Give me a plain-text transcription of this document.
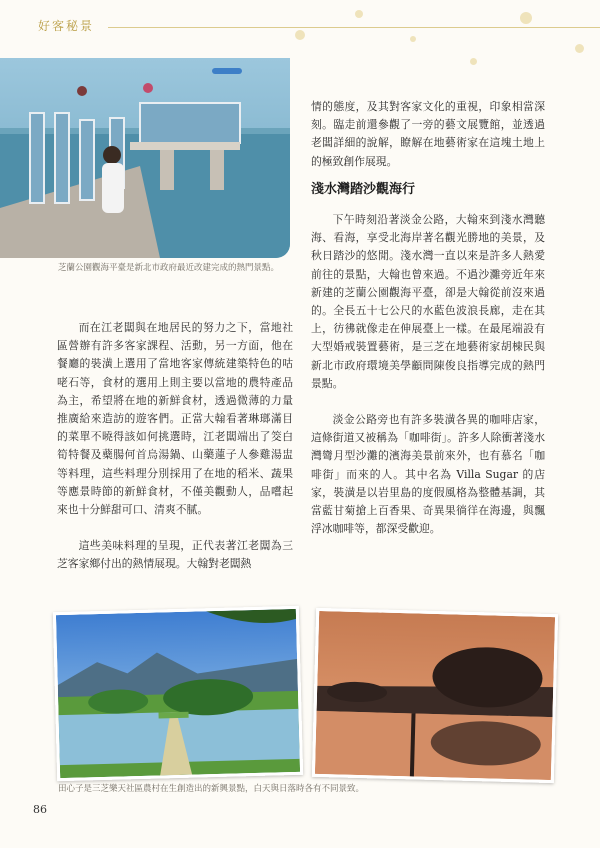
好客秘景
芝蘭公園觀海平臺是新北市政府最近改建完成的熱門景點。

而在江老闆與在地居民的努力之下，當地社區營辦有許多客家課程、活動，另一方面，他在餐廳的裝潢上選用了當地客家傳統建築特色的咕咾石等，食材的選用上則主要以當地的農特產品為主，希望將在地的新鮮食材，透過微薄的力量推廣給來造訪的遊客們。正當大翰看著琳瑯滿目的菜單不曉得該如何挑選時，江老闆端出了筊白筍特餐及蘗腸何首烏湯鍋、山藥蓮子人參雞湯盅等料理，這些料理分別採用了在地的稻米、蔬果等應景時節的新鮮食材，不僅美觀動人，品嚐起來也十分鮮甜可口、清爽不膩。

這些美味料理的呈現，正代表著江老闆為三芝客家鄉付出的熱情展現。大翰對老闆熱

情的態度，及其對客家文化的重視，印象相當深刻。臨走前還參觀了一旁的藝文展覽館，並透過老闆詳細的說解，瞭解在地藝術家在這塊土地上的極致創作展現。

淺水灣踏沙觀海行

下午時刻沿著淡金公路，大翰來到淺水灣聽海、看海，享受北海岸著名觀光勝地的美景，及秋日踏沙的悠閒。淺水灣一直以來是許多人熱愛前往的景點，大翰也曾來過。不過沙灘旁近年來新建的芝蘭公園觀海平臺，卻是大翰從前沒來過的。全長五十七公尺的水藍色波浪長廊，走在其上，彷彿就像走在伸展臺上一樣。在最尾端設有大型婚戒裝置藝術，是三芝在地藝術家胡棟民與新北市政府環境美學顧問陳俊良指導完成的熱門景點。

淡金公路旁也有許多裝潢各異的咖啡店家，這條街道又被稱為「咖啡街」。許多人除衝著淺水灣彎月型沙灘的濱海美景前來外，也有慕名「咖啡街」而來的人。其中名為 Villa Sugar 的店家，裝潢是以岩里島的度假風格為整體基調，其當藍甘菊搶上百香果、奇異果徜徉在海邊，與飄浮冰咖啡等，都深受歡迎。

田心子是三芝樂天社區農村在生創造出的新興景點，白天與日落時各有不同景致。
86
